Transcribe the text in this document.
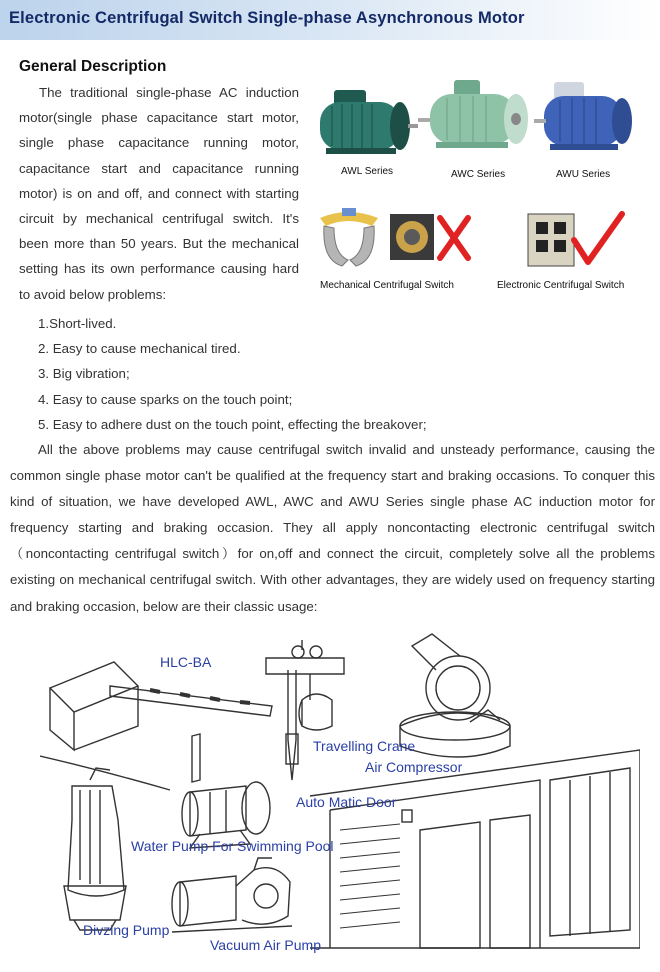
Electronic Centrifugal Switch Single-phase Asynchronous Motor
General Description

The traditional single-phase AC induction motor(single phase capacitance start motor, single phase capacitance running motor, capacitance start and capacitance running motor) is on and off, and connect with starting circuit by mechanical centrifugal switch. It's been more than 50 years. But the mechanical setting has its own performance causing hard to avoid below problems:

1.Short-lived.
2. Easy to cause mechanical tired.
3. Big vibration;
4. Easy to cause sparks on the touch point;
5. Easy to adhere dust on the touch point, effecting the breakover;

All the above problems may cause centrifugal switch invalid and unsteady performance, causing the common single phase motor can't be qualified at the frequency start and braking occasions. To conquer this kind of situation, we have developed AWL, AWC and AWU Series single phase AC induction motor for frequency starting and braking occasion. They all apply noncontacting electronic centrifugal switch（noncontacting centrifugal switch）for on,off and connect the circuit, completely solve all the problems existing on mechanical centrifugal switch. With other advantages, they are widely used on frequency starting and braking occasion, below are their classic usage:

AWL Series	AWC Series	AWU Series
Mechanical Centrifugal Switch	Electronic Centrifugal Switch
HLC-BA
Travelling Crane
Air Compressor
Auto Matic Door
Water Pump For Swimming Pool
Divzing Pump
Vacuum Air Pump
